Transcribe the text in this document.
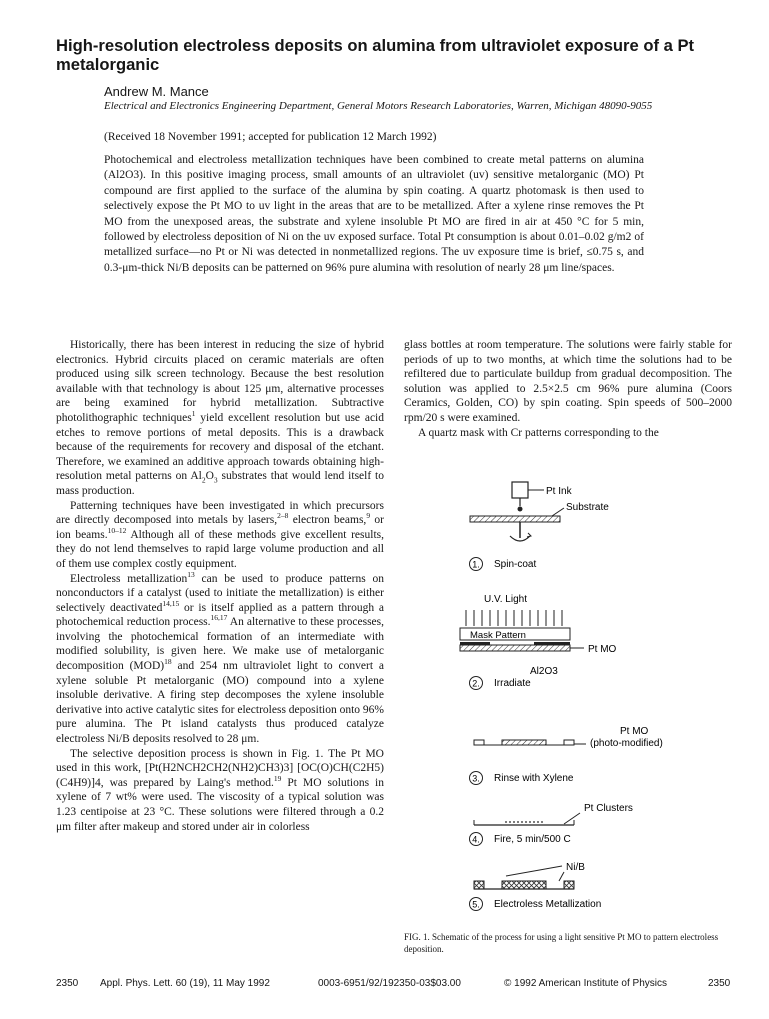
High-resolution electroless deposits on alumina from ultraviolet exposure of a Pt metalorganic
Andrew M. Mance
Electrical and Electronics Engineering Department, General Motors Research Laboratories, Warren, Michigan 48090-9055
(Received 18 November 1991; accepted for publication 12 March 1992)

Photochemical and electroless metallization techniques have been combined to create metal patterns on alumina (Al2O3). In this positive imaging process, small amounts of an ultraviolet (uv) sensitive metalorganic (MO) Pt compound are first applied to the surface of the alumina by spin coating. A quartz photomask is then used to selectively expose the Pt MO to uv light in the areas that are to be metallized. After a xylene rinse removes the Pt MO from the unexposed areas, the substrate and xylene insoluble Pt MO are fired in air at 450 °C for 5 min, followed by electroless deposition of Ni on the uv exposed surface. Total Pt consumption is about 0.01–0.02 g/m2 of metallized surface—no Pt or Ni was detected in nonmetallized regions. The uv exposure time is brief, ≤0.75 s, and 0.3-μm-thick Ni/B deposits can be patterned on 96% pure alumina with resolution of nearly 28 μm line/spaces.

Historically, there has been interest in reducing the size of hybrid electronics. Hybrid circuits placed on ceramic materials are often produced using silk screen technology. Because the best resolution available with that technology is about 125 μm, alternative processes are being examined for hybrid metallization. Subtractive photolithographic techniques$^1$ yield excellent resolution but use acid etches to remove portions of metal deposits. This is a drawback because of the requirements for recovery and disposal of the etchant. Therefore, we examined an additive approach towards obtaining high-resolution metal patterns on $Al_2O_3$ substrates that would lend itself to mass production.

Patterning techniques have been investigated in which precursors are directly decomposed into metals by lasers,$^{2-8}$ electron beams,$^9$ or ion beams.$^{10-12}$ Although all of these methods give excellent results, they do not lend themselves to rapid large volume production and all of them use complex costly equipment.

Electroless metallization$^{13}$ can be used to produce patterns on nonconductors if a catalyst (used to initiate the metallization) is either selectively deactivated$^{14,15}$ or is itself applied as a pattern through a photochemical reduction process.$^{16,17}$ An alternative to these processes, involving the photochemical formation of an intermediate with modified solubility, is given here. We make use of metalorganic decomposition (MOD)$^{18}$ and 254 nm ultraviolet light to convert a xylene soluble Pt metalorganic (MO) compound into a xylene insoluble derivative. A firing step decomposes the xylene insoluble derivative into active catalytic sites for electroless deposition onto 96% pure alumina. The Pt island catalysts thus produced catalyze electroless Ni/B deposits resolved to 28 μm.

The selective deposition process is shown in Fig. 1. The Pt MO used in this work, [Pt(H2NCH2CH2(NH2)CH3)3] [OC(O)CH(C2H5)(C4H9)]4, was prepared by Laing's method.$^{19}$ Pt MO solutions in xylene of 7 wt% were used. The viscosity of a typical solution was 1.23 centipoise at 23 °C. These solutions were filtered through a 0.2 μm filter after makeup and stored under air in colorless

glass bottles at room temperature. The solutions were fairly stable for periods of up to two months, at which time the solutions had to be refiltered due to particulate buildup from gradual decomposition. The solution was applied to 2.5×2.5 cm 96% pure alumina (Coors Ceramics, Golden, CO) by spin coating. Spin speeds of 500–2000 rpm/20 s were examined.

A quartz mask with Cr patterns corresponding to the

Pt Ink
Substrate
1. Spin-coat
U.V. Light
Mask Pattern
Pt MO
Al2O3
2. Irradiate
Pt MO
(photo-modified)
3. Rinse with Xylene
Pt Clusters
4. Fire, 5 min/500 C
Ni/B
5. Electroless Metallization
FIG. 1. Schematic of the process for using a light sensitive Pt MO to pattern electroless deposition.
2350 Appl. Phys. Lett. 60 (19), 11 May 1992	0003-6951/92/192350-03$03.00	© 1992 American Institute of Physics	2350
